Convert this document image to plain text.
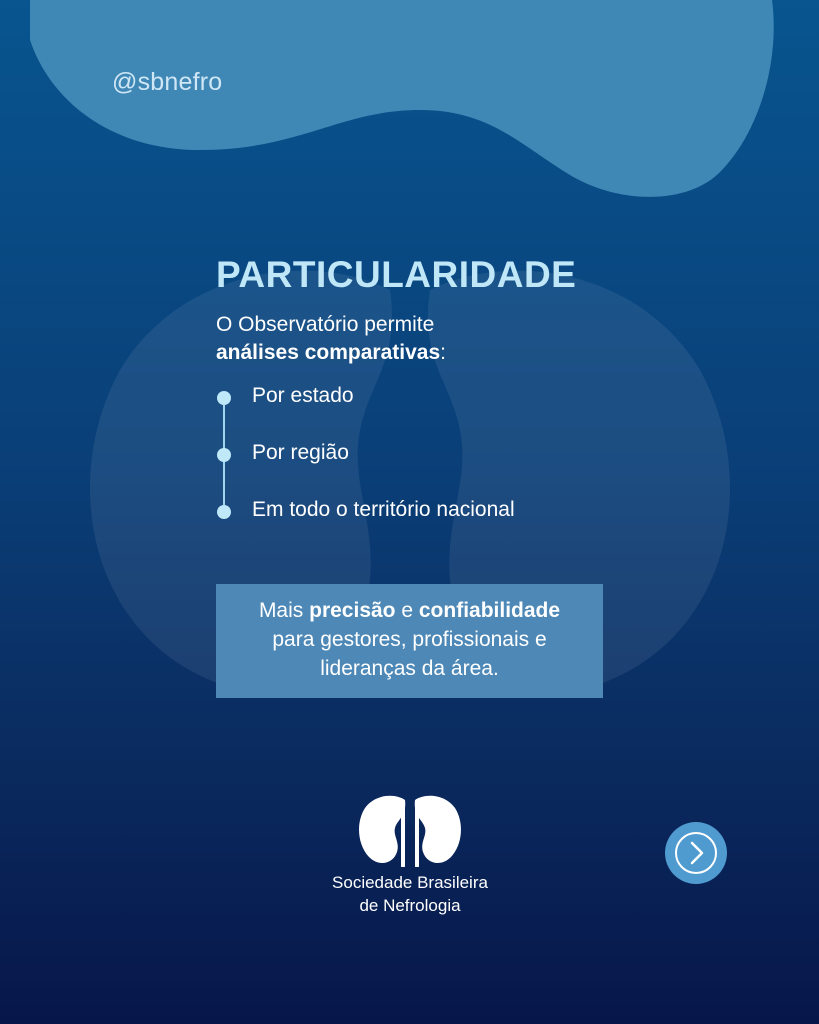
@sbnefro
PARTICULARIDADE
O Observatório permite
análises comparativas:
Por estado
Por região
Em todo o território nacional
Mais precisão e confiabilidade
para gestores, profissionais e
lideranças da área.
Sociedade Brasileira
de Nefrologia
